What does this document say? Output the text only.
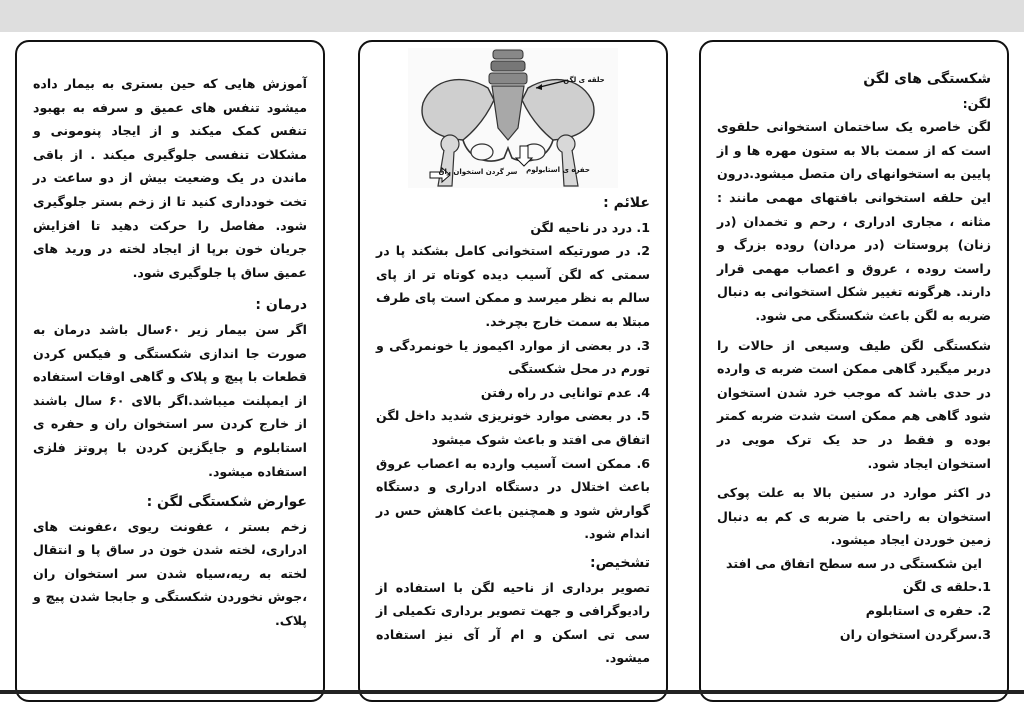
شکستگی های لگن

لگن:

لگن خاصره یک ساختمان استخوانی حلقوی است که از سمت بالا به ستون مهره ها و از پایین به استخوانهای ران متصل میشود.درون این حلقه استخوانی بافتهای مهمی مانند : مثانه ، مجاری ادراری ، رحم و تخمدان (در زنان) پروستات (در مردان) روده بزرگ و راست روده ، عروق و اعصاب مهمی قرار دارند. هرگونه تغییر شکل استخوانی به دنبال ضربه به لگن باعث شکستگی می شود.

شکستگی لگن طیف وسیعی از حالات را دربر میگیرد گاهی ممکن است ضربه ی وارده در حدی باشد که موجب خرد شدن استخوان شود گاهی هم ممکن است شدت ضربه کمتر بوده و فقط در حد یک ترک مویی در استخوان ایجاد شود.

در اکثر موارد در سنین بالا به علت پوکی استخوان به راحتی با ضربه ی کم به دنبال زمین خوردن ایجاد میشود.

این شکستگی در سه سطح اتفاق می افتد

1.حلقه ی لگن

2. حفره ی استابلوم

3.سرگردن استخوان ران

حلقه ی لگن
حفره ی استابولوم
سر گردن استخوان ران

علائم :

1. درد در ناحیه لگن

2. در صورتیکه استخوانی کامل بشکند پا در سمتی که لگن آسیب دیده کوتاه تر از پای سالم به نظر میرسد و ممکن است پای طرف مبتلا به سمت خارج بچرخد.

3. در بعضی از موارد اکیموز یا خونمردگی و تورم در محل شکستگی

4. عدم توانایی در راه رفتن

5. در بعضی موارد خونریزی شدید داخل لگن اتفاق می افتد و باعث شوک میشود

6. ممکن است آسیب وارده به اعصاب عروق باعث اختلال در دستگاه ادراری و دستگاه گوارش شود و همچنین باعث کاهش حس در اندام شود.

تشخیص:

تصویر برداری از ناحیه لگن با استفاده از رادیوگرافی و جهت تصویر برداری تکمیلی از سی تی اسکن و ام آر آی نیز استفاده میشود.

آموزش هایی که حین بستری به بیمار داده میشود تنفس های عمیق و سرفه به بهبود تنفس کمک میکند و از ایجاد پنومونی و مشکلات تنفسی جلوگیری میکند . از باقی ماندن در یک وضعیت بیش از دو ساعت در تخت خودداری کنید تا از زخم بستر جلوگیری شود. مفاصل را حرکت دهید تا افزایش جریان خون برپا از ایجاد لخته در ورید های عمیق ساق پا جلوگیری شود.

درمان :

اگر سن بیمار زیر ۶۰سال باشد درمان به صورت جا اندازی شکستگی و فیکس کردن قطعات با پیچ و پلاک و گاهی اوقات استفاده از ایمپلنت میباشد.اگر بالای ۶۰ سال باشند از خارج کردن سر استخوان ران و حفره ی استابلوم و جایگزین کردن با پروتز فلزی استفاده میشود.

عوارض شکستگی لگن :

زخم بستر ، عفونت ریوی ،عفونت های ادراری، لخته شدن خون در ساق پا و انتقال لخته به ریه،سیاه شدن سر استخوان ران ،جوش نخوردن شکستگی و جابجا شدن پیچ و پلاک.
